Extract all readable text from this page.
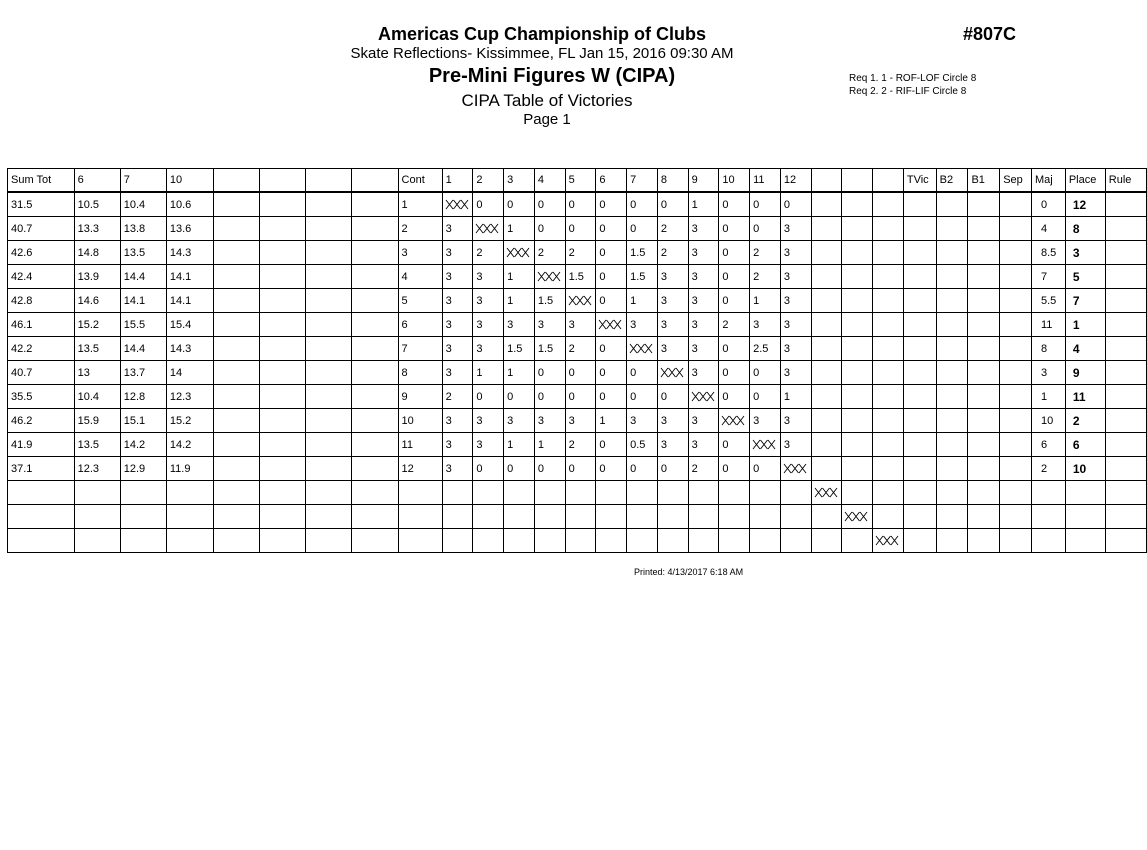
Americas Cup Championship of Clubs
Skate Reflections- Kissimmee, FL Jan 15, 2016 09:30 AM
Pre-Mini Figures W (CIPA)
CIPA Table of Victories
Page 1
#807C
Req 1. 1 - ROF-LOF Circle 8
Req 2. 2 - RIF-LIF Circle 8
Sum Tot	6	7	10					Cont	1	2	3	4	5	6	7	8	9	10	11	12				TVic	B2	B1	Sep	Maj	Place	Rule
31.5	10.5	10.4	10.6					1		0	0	0	0	0	0	0	1	0	0	0								0	12	
40.7	13.3	13.8	13.6					2	3		1	0	0	0	0	2	3	0	0	3								4	8	
42.6	14.8	13.5	14.3					3	3	2		2	2	0	1.5	2	3	0	2	3								8.5	3	
42.4	13.9	14.4	14.1					4	3	3	1		1.5	0	1.5	3	3	0	2	3								7	5	
42.8	14.6	14.1	14.1					5	3	3	1	1.5		0	1	3	3	0	1	3								5.5	7	
46.1	15.2	15.5	15.4					6	3	3	3	3	3		3	3	3	2	3	3								11	1	
42.2	13.5	14.4	14.3					7	3	3	1.5	1.5	2	0		3	3	0	2.5	3								8	4	
40.7	13	13.7	14					8	3	1	1	0	0	0	0		3	0	0	3								3	9	
35.5	10.4	12.8	12.3					9	2	0	0	0	0	0	0	0		0	0	1								1	11	
46.2	15.9	15.1	15.2					10	3	3	3	3	3	1	3	3	3		3	3								10	2	
41.9	13.5	14.2	14.2					11	3	3	1	1	2	0	0.5	3	3	0		3								6	6	
37.1	12.3	12.9	11.9					12	3	0	0	0	0	0	0	0	2	0	0									2	10	

Printed: 4/13/2017 6:18 AM
